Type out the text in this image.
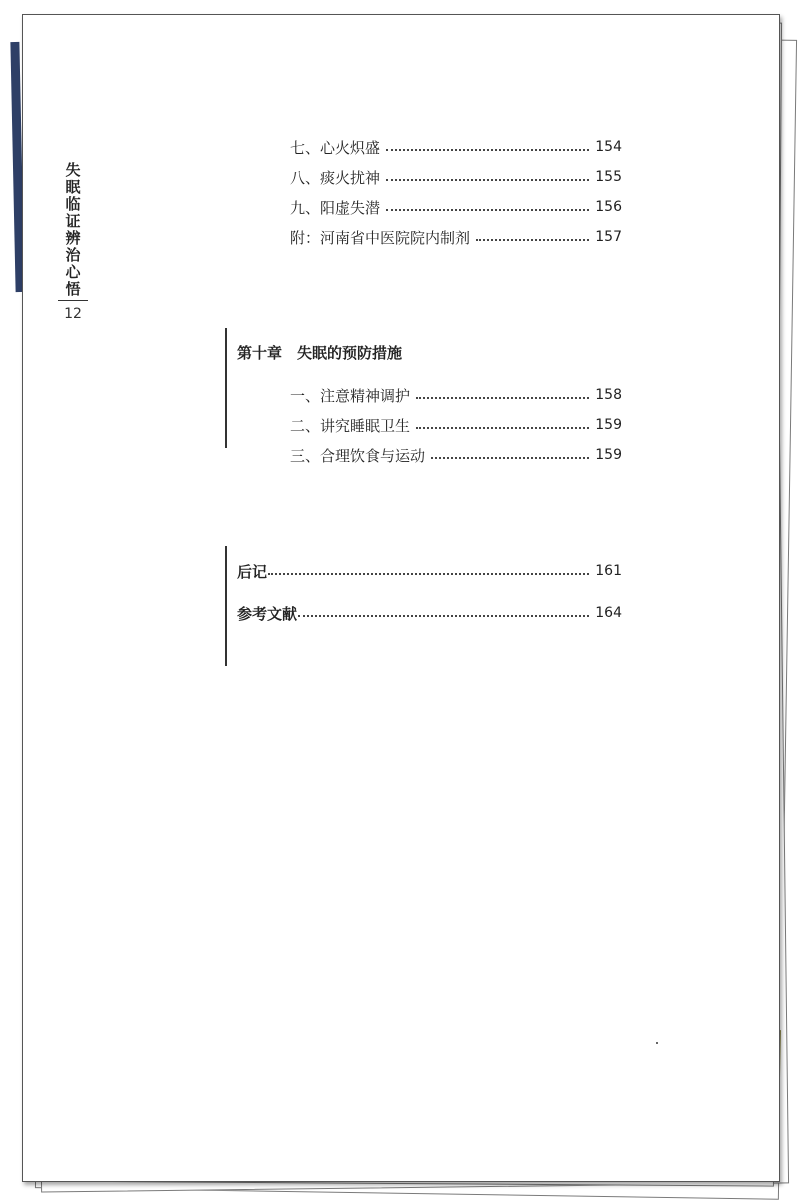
失眠临证辨治心悟
12
七、心火炽盛	154
八、痰火扰神	155
九、阳虚失潜	156
附：河南省中医院院内制剂	157
第十章　失眠的预防措施
一、注意精神调护	158
二、讲究睡眠卫生	159
三、合理饮食与运动	159
后记	161
参考文献	164
